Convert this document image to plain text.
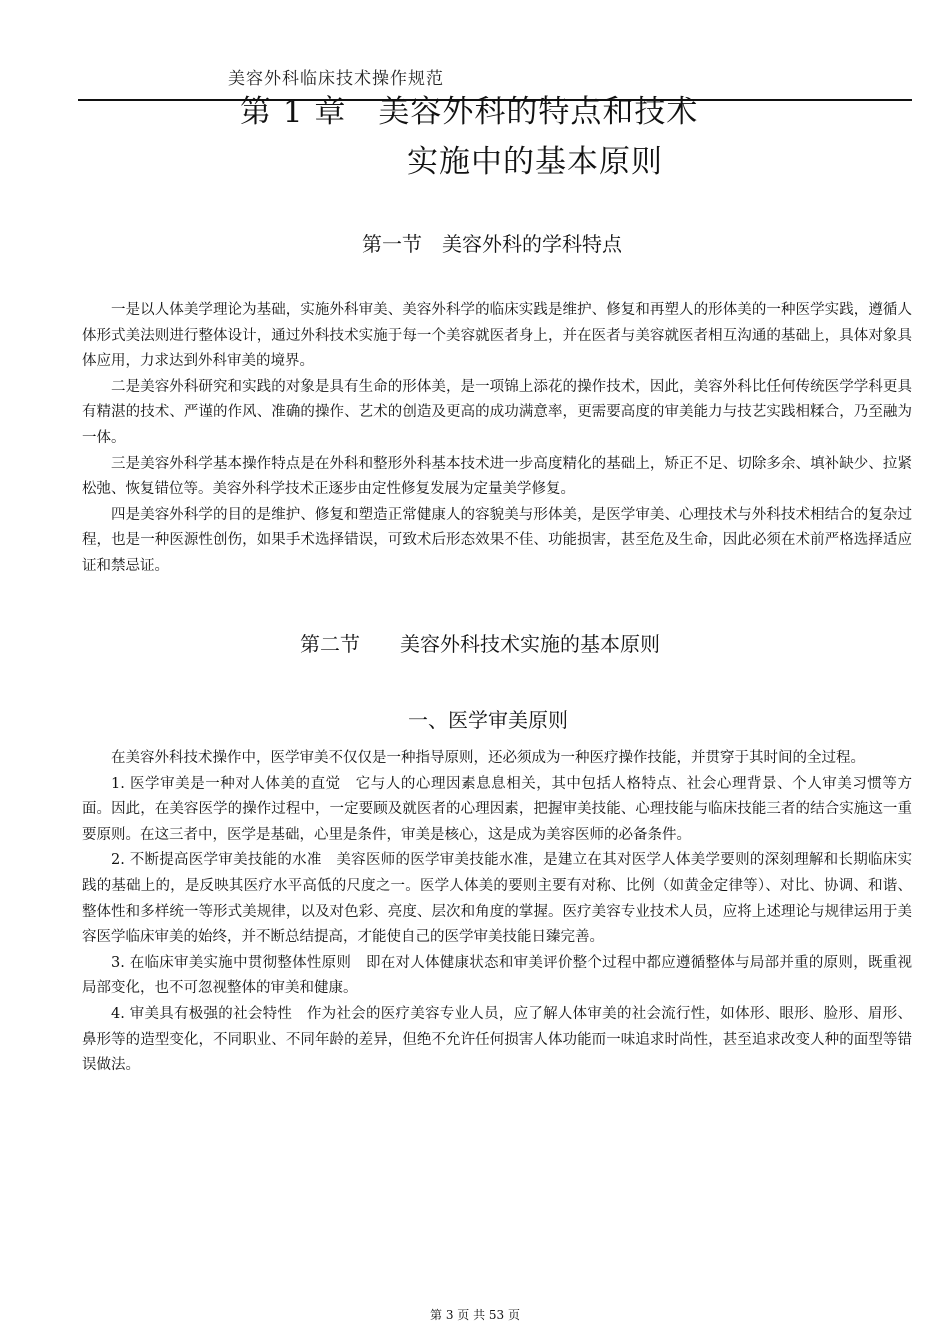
美容外科临床技术操作规范
第 1 章　美容外科的特点和技术
实施中的基本原则
第一节　美容外科的学科特点

一是以人体美学理论为基础，实施外科审美、美容外科学的临床实践是维护、修复和再塑人的形体美的一种医学实践，遵循人体形式美法则进行整体设计，通过外科技术实施于每一个美容就医者身上，并在医者与美容就医者相互沟通的基础上，具体对象具体应用，力求达到外科审美的境界。

二是美容外科研究和实践的对象是具有生命的形体美，是一项锦上添花的操作技术，因此，美容外科比任何传统医学学科更具有精湛的技术、严谨的作风、准确的操作、艺术的创造及更高的成功满意率，更需要高度的审美能力与技艺实践相糅合，乃至融为一体。

三是美容外科学基本操作特点是在外科和整形外科基本技术进一步高度精化的基础上，矫正不足、切除多余、填补缺少、拉紧松弛、恢复错位等。美容外科学技术正逐步由定性修复发展为定量美学修复。

四是美容外科学的目的是维护、修复和塑造正常健康人的容貌美与形体美，是医学审美、心理技术与外科技术相结合的复杂过程，也是一种医源性创伤，如果手术选择错误，可致术后形态效果不佳、功能损害，甚至危及生命，因此必须在术前严格选择适应证和禁忌证。

第二节　　美容外科技术实施的基本原则
一、医学审美原则

在美容外科技术操作中，医学审美不仅仅是一种指导原则，还必须成为一种医疗操作技能，并贯穿于其时间的全过程。

1. 医学审美是一种对人体美的直觉　它与人的心理因素息息相关，其中包括人格特点、社会心理背景、个人审美习惯等方面。因此，在美容医学的操作过程中，一定要顾及就医者的心理因素，把握审美技能、心理技能与临床技能三者的结合实施这一重要原则。在这三者中，医学是基础，心里是条件，审美是核心，这是成为美容医师的必备条件。

2. 不断提高医学审美技能的水准　美容医师的医学审美技能水准，是建立在其对医学人体美学要则的深刻理解和长期临床实践的基础上的，是反映其医疗水平高低的尺度之一。医学人体美的要则主要有对称、比例（如黄金定律等）、对比、协调、和谐、整体性和多样统一等形式美规律，以及对色彩、亮度、层次和角度的掌握。医疗美容专业技术人员，应将上述理论与规律运用于美容医学临床审美的始终，并不断总结提高，才能使自己的医学审美技能日臻完善。

3. 在临床审美实施中贯彻整体性原则　即在对人体健康状态和审美评价整个过程中都应遵循整体与局部并重的原则，既重视局部变化，也不可忽视整体的审美和健康。

4. 审美具有极强的社会特性　作为社会的医疗美容专业人员，应了解人体审美的社会流行性，如体形、眼形、脸形、眉形、鼻形等的造型变化，不同职业、不同年龄的差异，但绝不允许任何损害人体功能而一味追求时尚性，甚至追求改变人种的面型等错误做法。

第 3 页 共 53 页
